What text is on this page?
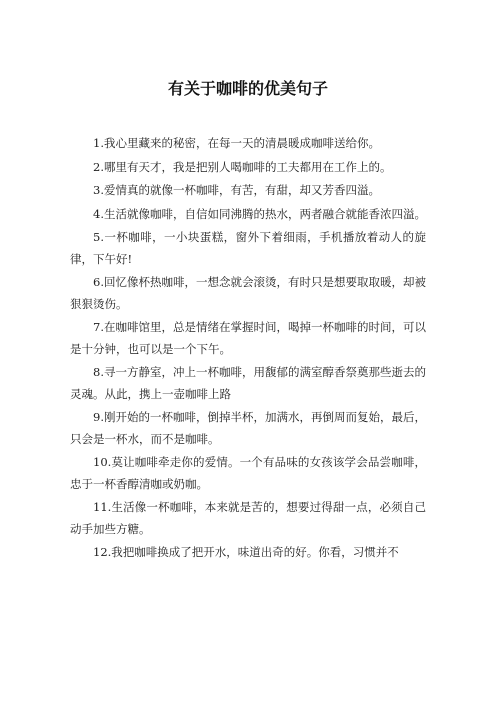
有关于咖啡的优美句子

1.我心里藏来的秘密，在每一天的清晨暖成咖啡送给你。

2.哪里有天才，我是把别人喝咖啡的工夫都用在工作上的。

3.爱情真的就像一杯咖啡，有苦，有甜，却又芳香四溢。

4.生活就像咖啡，自信如同沸腾的热水，两者融合就能香浓四溢。

5.一杯咖啡，一小块蛋糕，窗外下着细雨，手机播放着动人的旋律，下午好!

6.回忆像杯热咖啡，一想念就会滚烫，有时只是想要取取暖，却被狠狠烫伤。

7.在咖啡馆里，总是情绪在掌握时间，喝掉一杯咖啡的时间，可以是十分钟，也可以是一个下午。

8.寻一方静室，冲上一杯咖啡，用馥郁的满室醇香祭奠那些逝去的灵魂。从此，携上一壶咖啡上路

9.刚开始的一杯咖啡，倒掉半杯，加满水，再倒周而复始，最后，只会是一杯水，而不是咖啡。

10.莫让咖啡牵走你的爱情。一个有品味的女孩该学会品尝咖啡，忠于一杯香醇清咖或奶咖。

11.生活像一杯咖啡，本来就是苦的，想要过得甜一点，必须自己动手加些方糖。

12.我把咖啡换成了把开水，味道出奇的好。你看，习惯并不
